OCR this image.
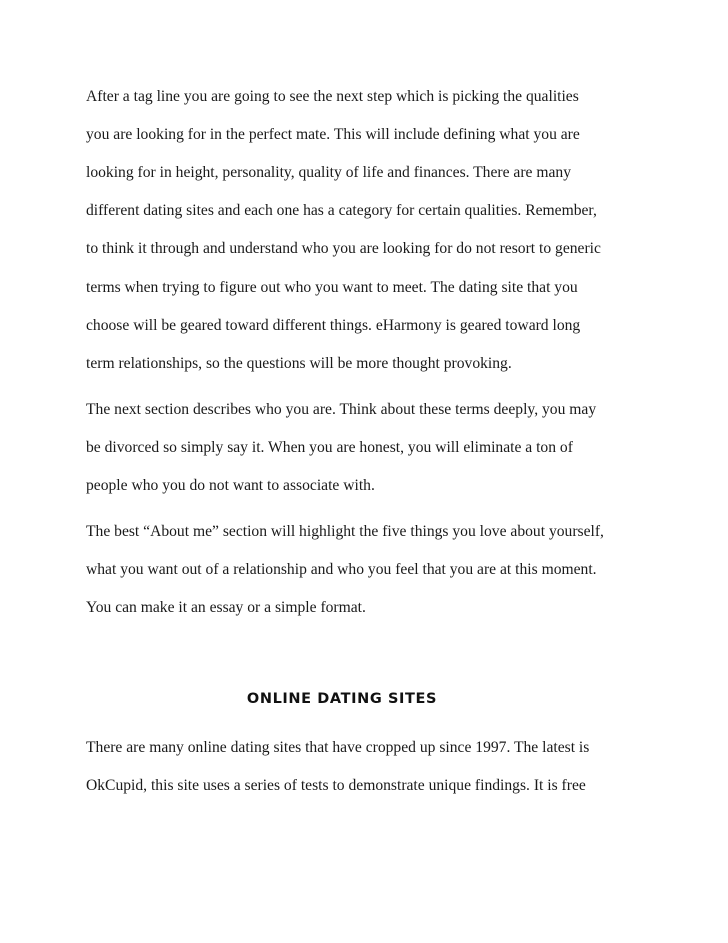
After a tag line you are going to see the next step which is picking the qualities

you are looking for in the perfect mate. This will include defining what you are

looking for in height, personality, quality of life and finances. There are many

different dating sites and each one has a category for certain qualities. Remember,

to think it through and understand who you are looking for do not resort to generic

terms when trying to figure out who you want to meet. The dating site that you

choose will be geared toward different things. eHarmony is geared toward long

term relationships, so the questions will be more thought provoking.

The next section describes who you are. Think about these terms deeply, you may

be divorced so simply say it. When you are honest, you will eliminate a ton of

people who you do not want to associate with.

The best “About me” section will highlight the five things you love about yourself,

what you want out of a relationship and who you feel that you are at this moment.

You can make it an essay or a simple format.

ONLINE DATING SITES

There are many online dating sites that have cropped up since 1997. The latest is

OkCupid, this site uses a series of tests to demonstrate unique findings. It is free
